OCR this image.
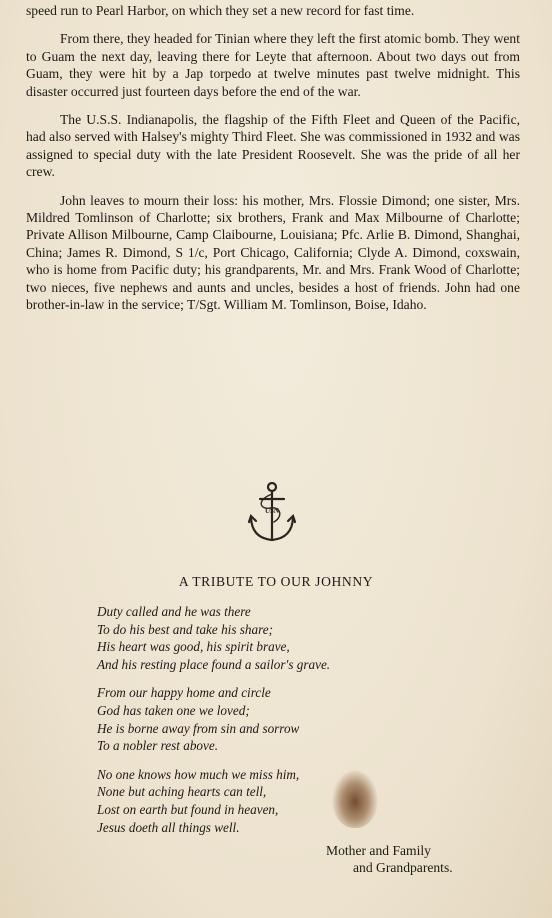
speed run to Pearl Harbor, on which they set a new record for fast time.

From there, they headed for Tinian where they left the first atomic bomb. They went to Guam the next day, leaving there for Leyte that afternoon. About two days out from Guam, they were hit by a Jap torpedo at twelve minutes past twelve midnight. This disaster occurred just fourteen days before the end of the war.

The U.S.S. Indianapolis, the flagship of the Fifth Fleet and Queen of the Pacific, had also served with Halsey's mighty Third Fleet. She was commissioned in 1932 and was assigned to special duty with the late President Roosevelt. She was the pride of all her crew.

John leaves to mourn their loss: his mother, Mrs. Flossie Dimond; one sister, Mrs. Mildred Tomlinson of Charlotte; six brothers, Frank and Max Milbourne of Charlotte; Private Allison Milbourne, Camp Claibourne, Louisiana; Pfc. Arlie B. Dimond, Shanghai, China; James R. Dimond, S 1/c, Port Chicago, California; Clyde A. Dimond, coxswain, who is home from Pacific duty; his grandparents, Mr. and Mrs. Frank Wood of Charlotte; two nieces, five nephews and aunts and uncles, besides a host of friends. John had one brother-in-law in the service; T/Sgt. William M. Tomlinson, Boise, Idaho.

USN
A TRIBUTE TO OUR JOHNNY
Duty called and he was there
To do his best and take his share;
His heart was good, his spirit brave,
And his resting place found a sailor's grave.
From our happy home and circle
God has taken one we loved;
He is borne away from sin and sorrow
To a nobler rest above.
No one knows how much we miss him,
None but aching hearts can tell,
Lost on earth but found in heaven,
Jesus doeth all things well.
Mother and Family
and Grandparents.
